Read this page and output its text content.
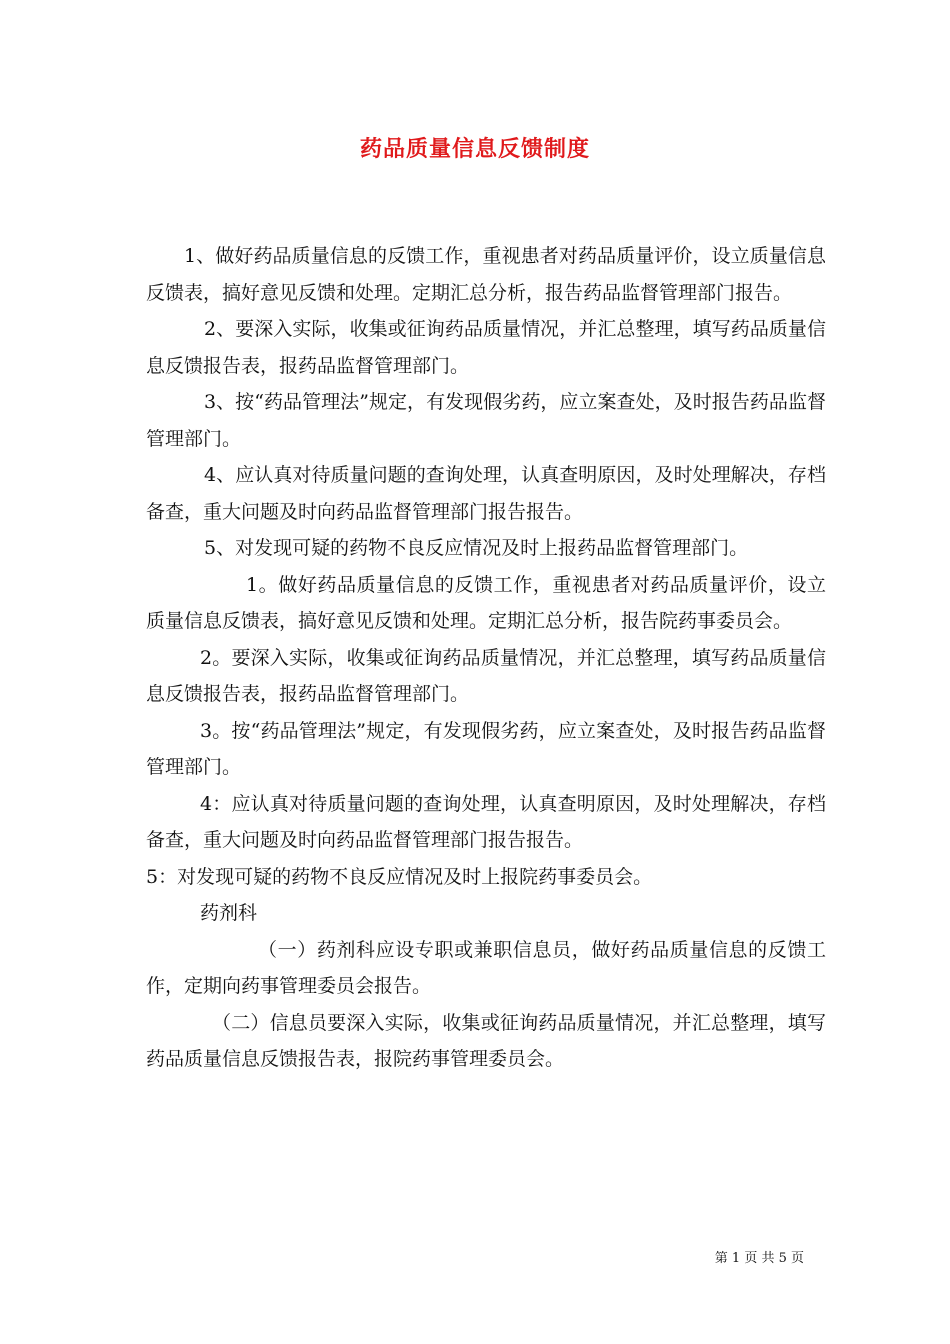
药品质量信息反馈制度

1、做好药品质量信息的反馈工作，重视患者对药品质量评价，设立质量信息反馈表，搞好意见反馈和处理。定期汇总分析，报告药品监督管理部门报告。

2、要深入实际，收集或征询药品质量情况，并汇总整理，填写药品质量信息反馈报告表，报药品监督管理部门。

3、按“药品管理法”规定，有发现假劣药，应立案查处，及时报告药品监督管理部门。

4、应认真对待质量问题的查询处理，认真查明原因，及时处理解决，存档备查，重大问题及时向药品监督管理部门报告报告。

5、对发现可疑的药物不良反应情况及时上报药品监督管理部门。

1。做好药品质量信息的反馈工作，重视患者对药品质量评价，设立质量信息反馈表，搞好意见反馈和处理。定期汇总分析，报告院药事委员会。

2。要深入实际，收集或征询药品质量情况，并汇总整理，填写药品质量信息反馈报告表，报药品监督管理部门。

3。按“药品管理法”规定，有发现假劣药，应立案查处，及时报告药品监督管理部门。

4：应认真对待质量问题的查询处理，认真查明原因，及时处理解决，存档备查，重大问题及时向药品监督管理部门报告报告。

5：对发现可疑的药物不良反应情况及时上报院药事委员会。

药剂科

（一）药剂科应设专职或兼职信息员，做好药品质量信息的反馈工作，定期向药事管理委员会报告。

（二）信息员要深入实际，收集或征询药品质量情况，并汇总整理，填写药品质量信息反馈报告表，报院药事管理委员会。

第 1 页 共 5 页
